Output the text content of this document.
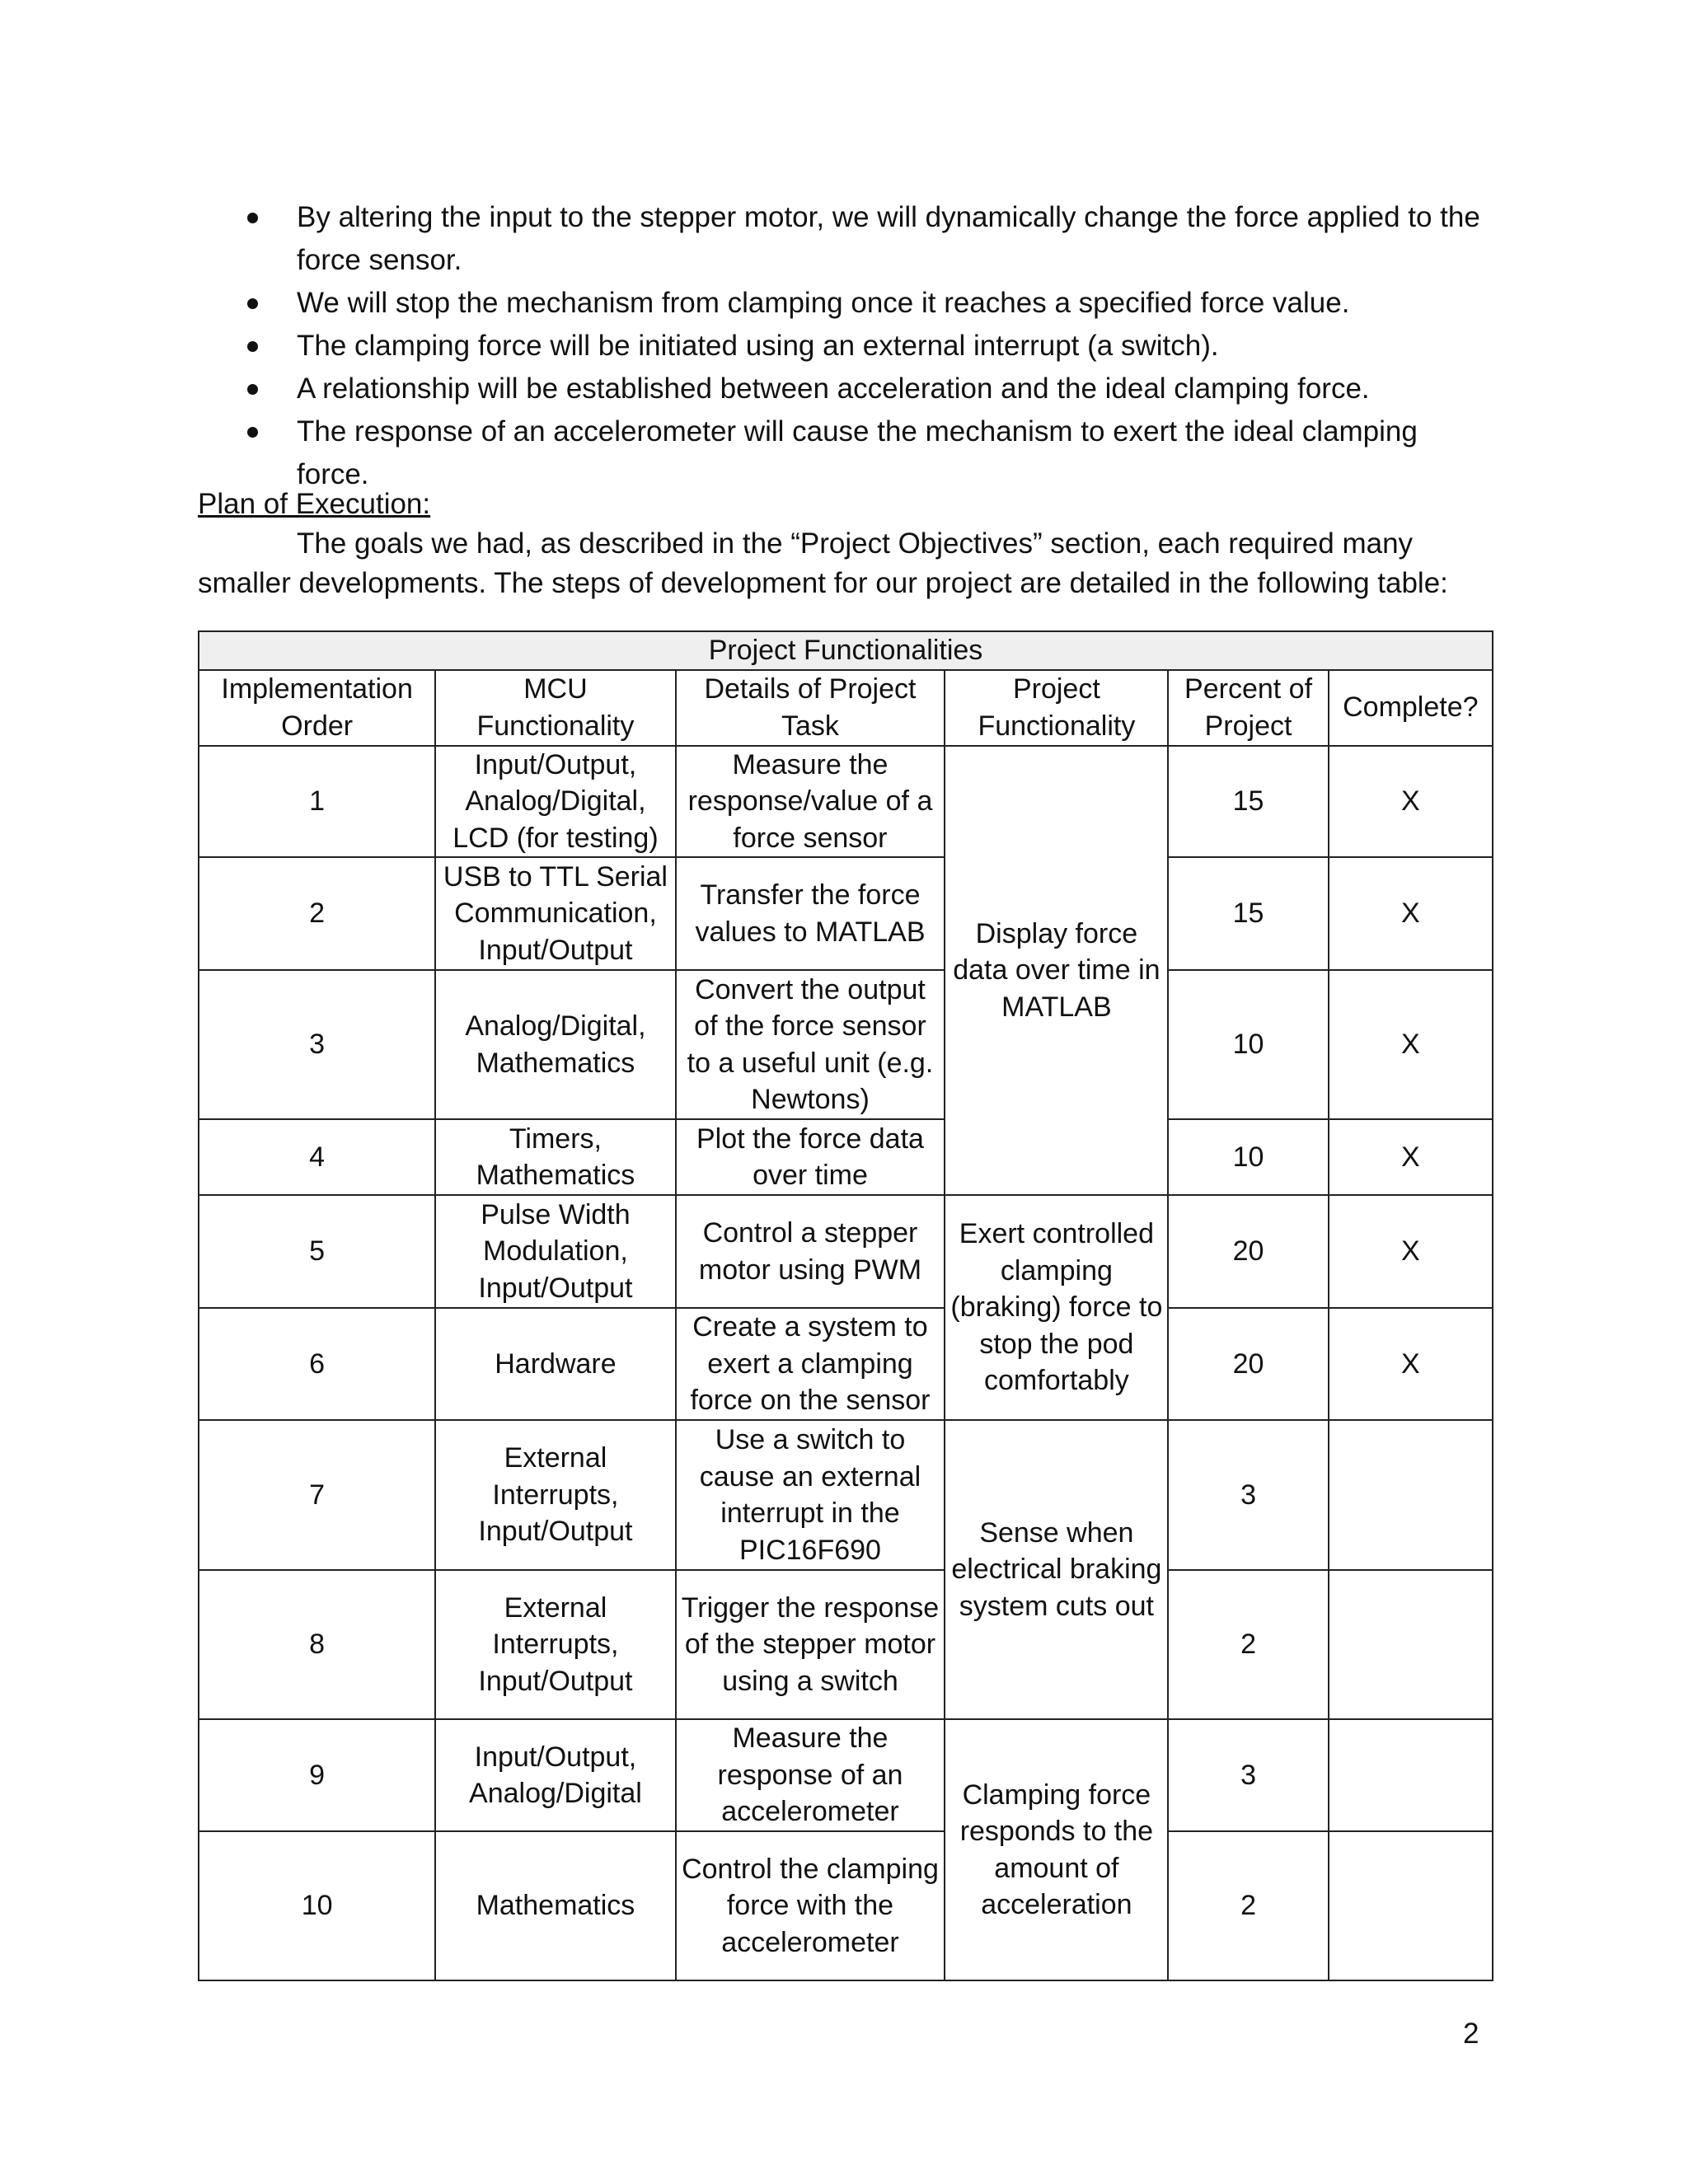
By altering the input to the stepper motor, we will dynamically change the force applied to the force sensor.
We will stop the mechanism from clamping once it reaches a specified force value.
The clamping force will be initiated using an external interrupt (a switch).
A relationship will be established between acceleration and the ideal clamping force.
The response of an accelerometer will cause the mechanism to exert the ideal clamping force.
Plan of Execution:

The goals we had, as described in the “Project Objectives” section, each required many smaller developments. The steps of development for our project are detailed in the following table:

Project Functionalities					
Implementation Order	MCU Functionality	Details of Project Task	Project Functionality	Percent of Project	Complete?
1	Input/Output, Analog/Digital, LCD (for testing)	Measure the response/value of a force sensor	Display force data over time in MATLAB	15	X
2	USB to TTL Serial Communication, Input/Output	Transfer the force values to MATLAB		15	X
3	Analog/Digital, Mathematics	Convert the output of the force sensor to a useful unit (e.g. Newtons)		10	X
4	Timers, Mathematics	Plot the force data over time		10	X
5	Pulse Width Modulation, Input/Output	Control a stepper motor using PWM	Exert controlled clamping (braking) force to stop the pod comfortably	20	X
6	Hardware	Create a system to exert a clamping force on the sensor		20	X
7	External Interrupts, Input/Output	Use a switch to cause an external interrupt in the PIC16F690	Sense when electrical braking system cuts out	3	
8	External Interrupts, Input/Output	Trigger the response of the stepper motor using a switch		2	
9	Input/Output, Analog/Digital	Measure the response of an accelerometer	Clamping force responds to the amount of acceleration	3	
10	Mathematics	Control the clamping force with the accelerometer		2	
2
